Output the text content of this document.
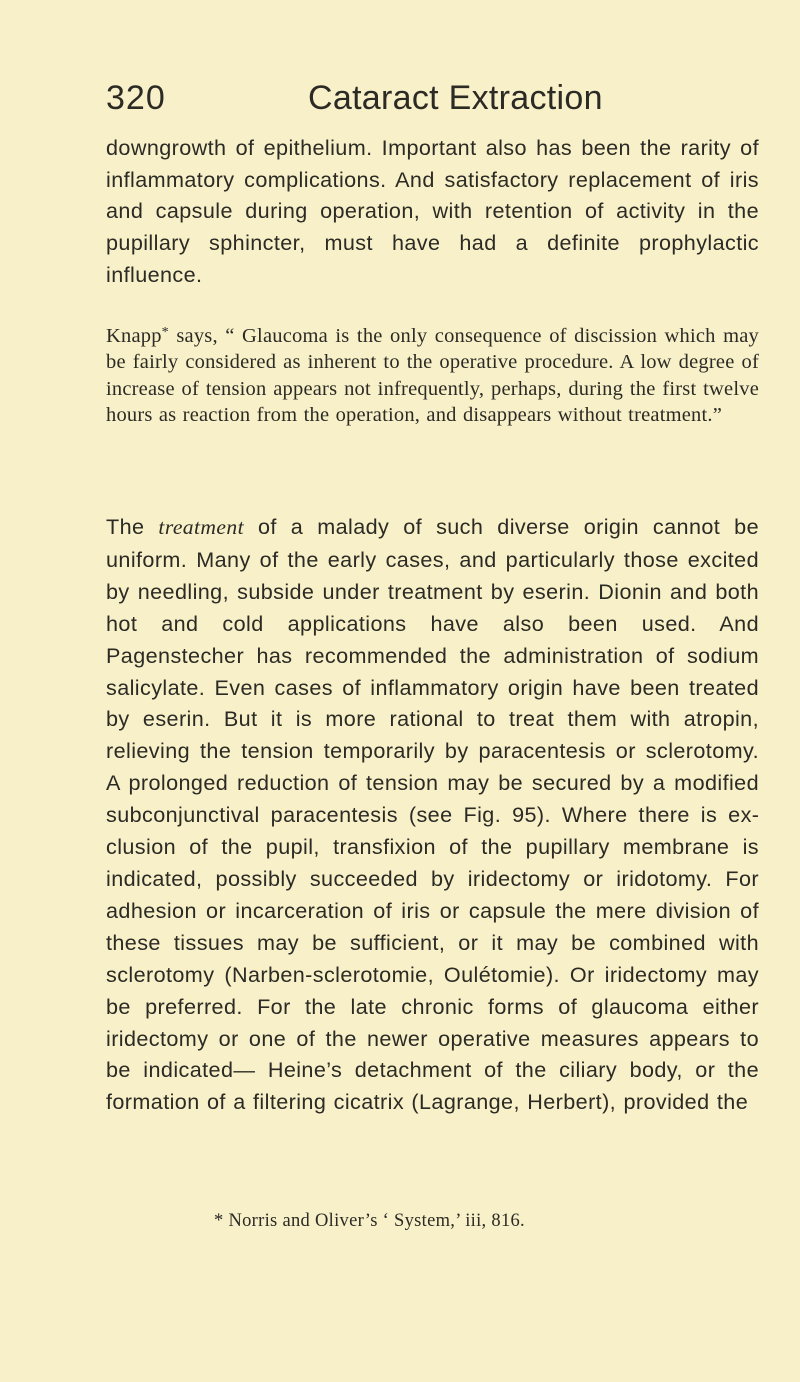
320	Cataract Extraction

downgrowth of epithelium. Important also has been the rarity of inflammatory complications. And satisfactory replacement of iris and capsule during operation, with retention of activity in the pupillary sphincter, must have had a definite prophylactic influence.

Knapp* says, “ Glaucoma is the only consequence of discission which may be fairly considered as inherent to the operative procedure. A low degree of increase of tension appears not infrequently, perhaps, during the first twelve hours as reaction from the operation, and disappears without treatment.”

The treatment of a malady of such diverse origin cannot be uniform. Many of the early cases, and particularly those excited by needling, subside under treatment by eserin. Dionin and both hot and cold applications have also been used. And Pagenstecher has recommended the administration of sodium salicylate. Even cases of inflammatory origin have been treated by eserin. But it is more rational to treat them with atropin, relieving the tension temporarily by paracentesis or sclerotomy. A prolonged reduction of tension may be secured by a modified subconjunctival paracentesis (see Fig. 95). Where there is exclusion of the pupil, transfixion of the pupillary membrane is indicated, possibly succeeded by iridectomy or iridotomy. For adhesion or incarceration of iris or capsule the mere division of these tissues may be sufficient, or it may be combined with sclerotomy (Narben-sclerotomie, Oulétomie). Or iridectomy may be preferred. For the late chronic forms of glaucoma either iridectomy or one of the newer operative measures appears to be indicated— Heine’s detachment of the ciliary body, or the formation of a filtering cicatrix (Lagrange, Herbert), provided the

* Norris and Oliver’s ‘ System,’ iii, 816.
